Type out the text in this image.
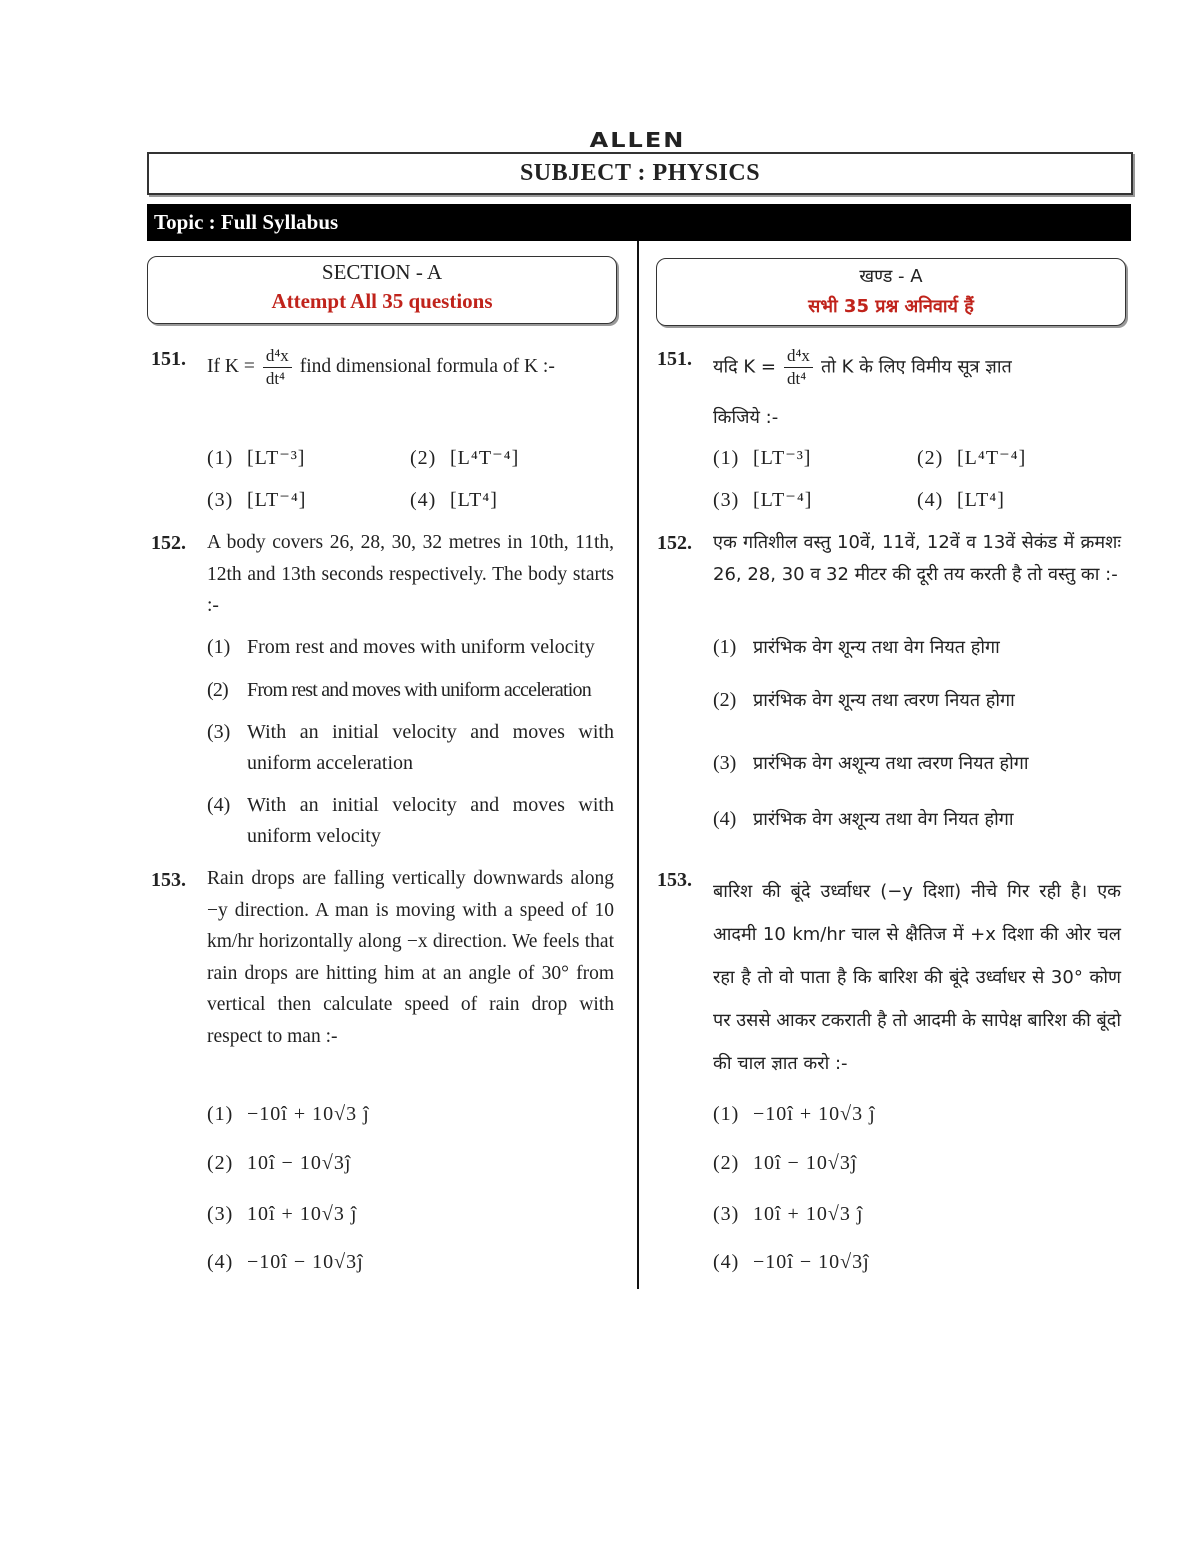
ALLEN
SUBJECT : PHYSICS
Topic : Full Syllabus
SECTION - A
Attempt All 35 questions
खण्ड - A
सभी 35 प्रश्न अनिवार्य हैं
151. If $K = \frac{\text{d⁴x}}{\text{dt⁴}}$ find dimensional formula of K :-
(1) [LT⁻³]	(2) [L⁴T⁻⁴]
(3) [LT⁻⁴]	(4) [LT⁴]
152. A body covers 26, 28, 30, 32 metres in 10th, 11th, 12th and 13th seconds respectively. The body starts :-
(1) From rest and moves with uniform velocity
(2) From rest and moves with uniform acceleration
(3) With an initial velocity and moves with uniform acceleration
(4) With an initial velocity and moves with uniform velocity
153. Rain drops are falling vertically downwards along −y direction. A man is moving with a speed of 10 km/hr horizontally along −x direction. We feels that rain drops are hitting him at an angle of 30° from vertical then calculate speed of rain drop with respect to man :-
(1) −10î + 10√3 ĵ
(2) 10î − 10√3ĵ
(3) 10î + 10√3 ĵ
(4) −10î − 10√3ĵ
151. यदि $K = \frac{\text{d⁴x}}{\text{dt⁴}}$ तो K के लिए विमीय सूत्र ज्ञात
किजिये :-
(1) [LT⁻³]	(2) [L⁴T⁻⁴]
(3) [LT⁻⁴]	(4) [LT⁴]
152. एक गतिशील वस्तु 10वें, 11वें, 12वें व 13वें सेकंड में क्रमशः 26, 28, 30 व 32 मीटर की दूरी तय करती है तो वस्तु का :-
(1) प्रारंभिक वेग शून्य तथा वेग नियत होगा
(2) प्रारंभिक वेग शून्य तथा त्वरण नियत होगा
(3) प्रारंभिक वेग अशून्य तथा त्वरण नियत होगा
(4) प्रारंभिक वेग अशून्य तथा वेग नियत होगा
153.
बारिश की बूंदे उर्ध्वाधर (−y दिशा) नीचे गिर रही है। एक आदमी 10 km/hr चाल से क्षैतिज में +x दिशा की ओर चल रहा है तो वो पाता है कि बारिश की बूंदे उर्ध्वाधर से 30° कोण पर उससे आकर टकराती है तो आदमी के सापेक्ष बारिश की बूंदो की चाल ज्ञात करो :-
(1) −10î + 10√3 ĵ
(2) 10î − 10√3ĵ
(3) 10î + 10√3 ĵ
(4) −10î − 10√3ĵ
